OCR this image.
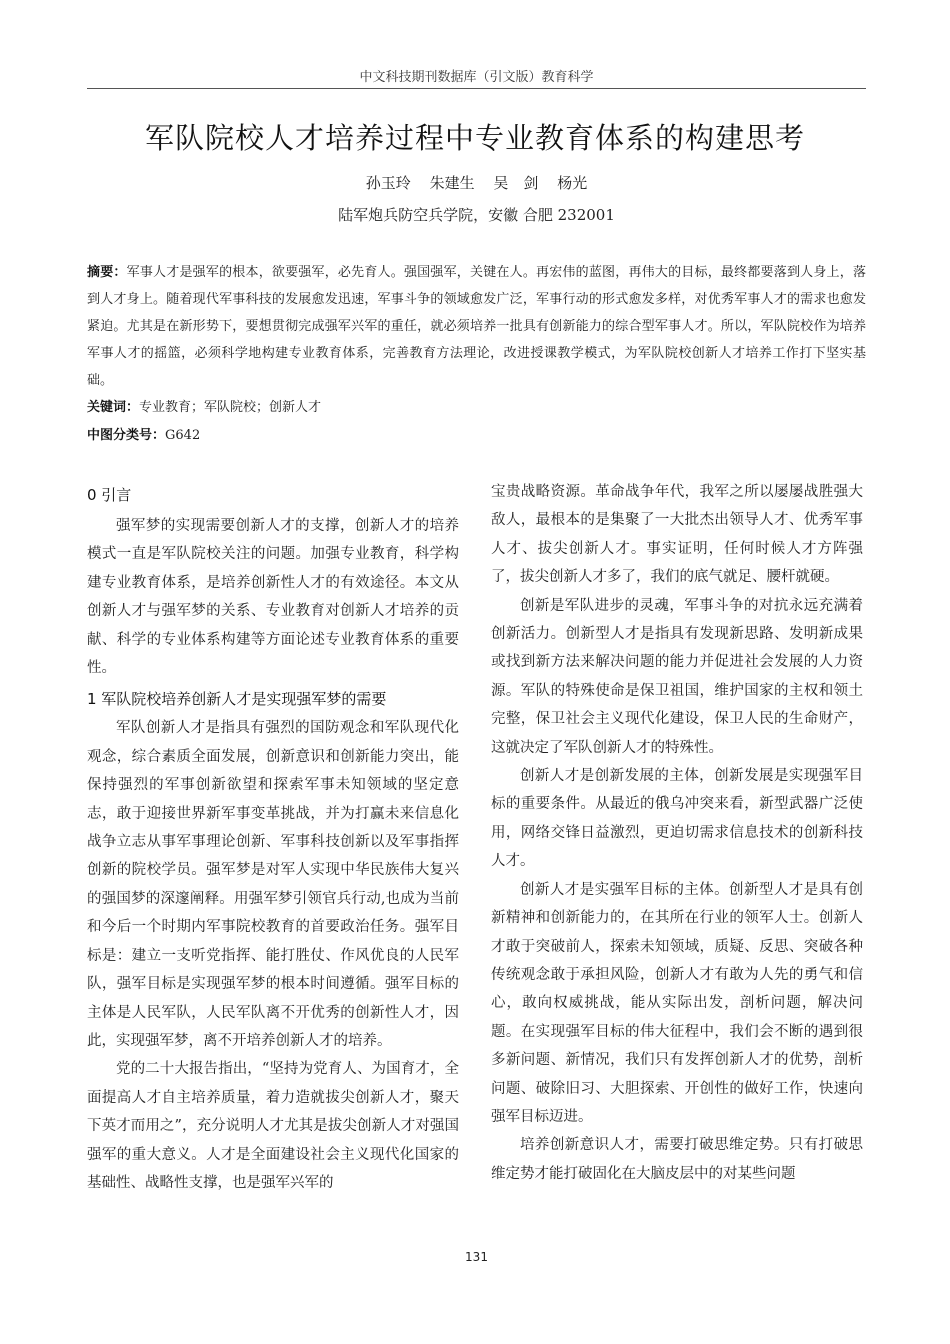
中文科技期刊数据库（引文版）教育科学
军队院校人才培养过程中专业教育体系的构建思考
孙玉玲 朱建生 吴　剑 杨光
陆军炮兵防空兵学院，安徽 合肥 232001
摘要：军事人才是强军的根本，欲要强军，必先育人。强国强军，关键在人。再宏伟的蓝图，再伟大的目标，最终都要落到人身上，落到人才身上。随着现代军事科技的发展愈发迅速，军事斗争的领域愈发广泛，军事行动的形式愈发多样，对优秀军事人才的需求也愈发紧迫。尤其是在新形势下，要想贯彻完成强军兴军的重任，就必须培养一批具有创新能力的综合型军事人才。所以，军队院校作为培养军事人才的摇篮，必须科学地构建专业教育体系，完善教育方法理论，改进授课教学模式，为军队院校创新人才培养工作打下坚实基础。
关键词：专业教育；军队院校；创新人才
中图分类号：G642
0 引言

强军梦的实现需要创新人才的支撑，创新人才的培养模式一直是军队院校关注的问题。加强专业教育，科学构建专业教育体系，是培养创新性人才的有效途径。本文从创新人才与强军梦的关系、专业教育对创新人才培养的贡献、科学的专业体系构建等方面论述专业教育体系的重要性。

1 军队院校培养创新人才是实现强军梦的需要

军队创新人才是指具有强烈的国防观念和军队现代化观念，综合素质全面发展，创新意识和创新能力突出，能保持强烈的军事创新欲望和探索军事未知领域的坚定意志，敢于迎接世界新军事变革挑战，并为打赢未来信息化战争立志从事军事理论创新、军事科技创新以及军事指挥创新的院校学员。强军梦是对军人实现中华民族伟大复兴的强国梦的深邃阐释。用强军梦引领官兵行动,也成为当前和今后一个时期内军事院校教育的首要政治任务。强军目标是：建立一支听党指挥、能打胜仗、作风优良的人民军队，强军目标是实现强军梦的根本时间遵循。强军目标的主体是人民军队，人民军队离不开优秀的创新性人才，因此，实现强军梦，离不开培养创新人才的培养。

党的二十大报告指出，“坚持为党育人、为国育才，全面提高人才自主培养质量，着力造就拔尖创新人才，聚天下英才而用之”，充分说明人才尤其是拔尖创新人才对强国强军的重大意义。人才是全面建设社会主义现代化国家的基础性、战略性支撑，也是强军兴军的

宝贵战略资源。革命战争年代，我军之所以屡屡战胜强大敌人，最根本的是集聚了一大批杰出领导人才、优秀军事人才、拔尖创新人才。事实证明，任何时候人才方阵强了，拔尖创新人才多了，我们的底气就足、腰杆就硬。

创新是军队进步的灵魂，军事斗争的对抗永远充满着创新活力。创新型人才是指具有发现新思路、发明新成果或找到新方法来解决问题的能力并促进社会发展的人力资源。军队的特殊使命是保卫祖国，维护国家的主权和领土完整，保卫社会主义现代化建设，保卫人民的生命财产，这就决定了军队创新人才的特殊性。

创新人才是创新发展的主体，创新发展是实现强军目标的重要条件。从最近的俄乌冲突来看，新型武器广泛使用，网络交锋日益激烈，更迫切需求信息技术的创新科技人才。

创新人才是实强军目标的主体。创新型人才是具有创新精神和创新能力的，在其所在行业的领军人士。创新人才敢于突破前人，探索未知领域，质疑、反思、突破各种传统观念敢于承担风险，创新人才有敢为人先的勇气和信心，敢向权威挑战，能从实际出发，剖析问题，解决问题。在实现强军目标的伟大征程中，我们会不断的遇到很多新问题、新情况，我们只有发挥创新人才的优势，剖析问题、破除旧习、大胆探索、开创性的做好工作，快速向强军目标迈进。

培养创新意识人才，需要打破思维定势。只有打破思维定势才能打破固化在大脑皮层中的对某些问题

131
